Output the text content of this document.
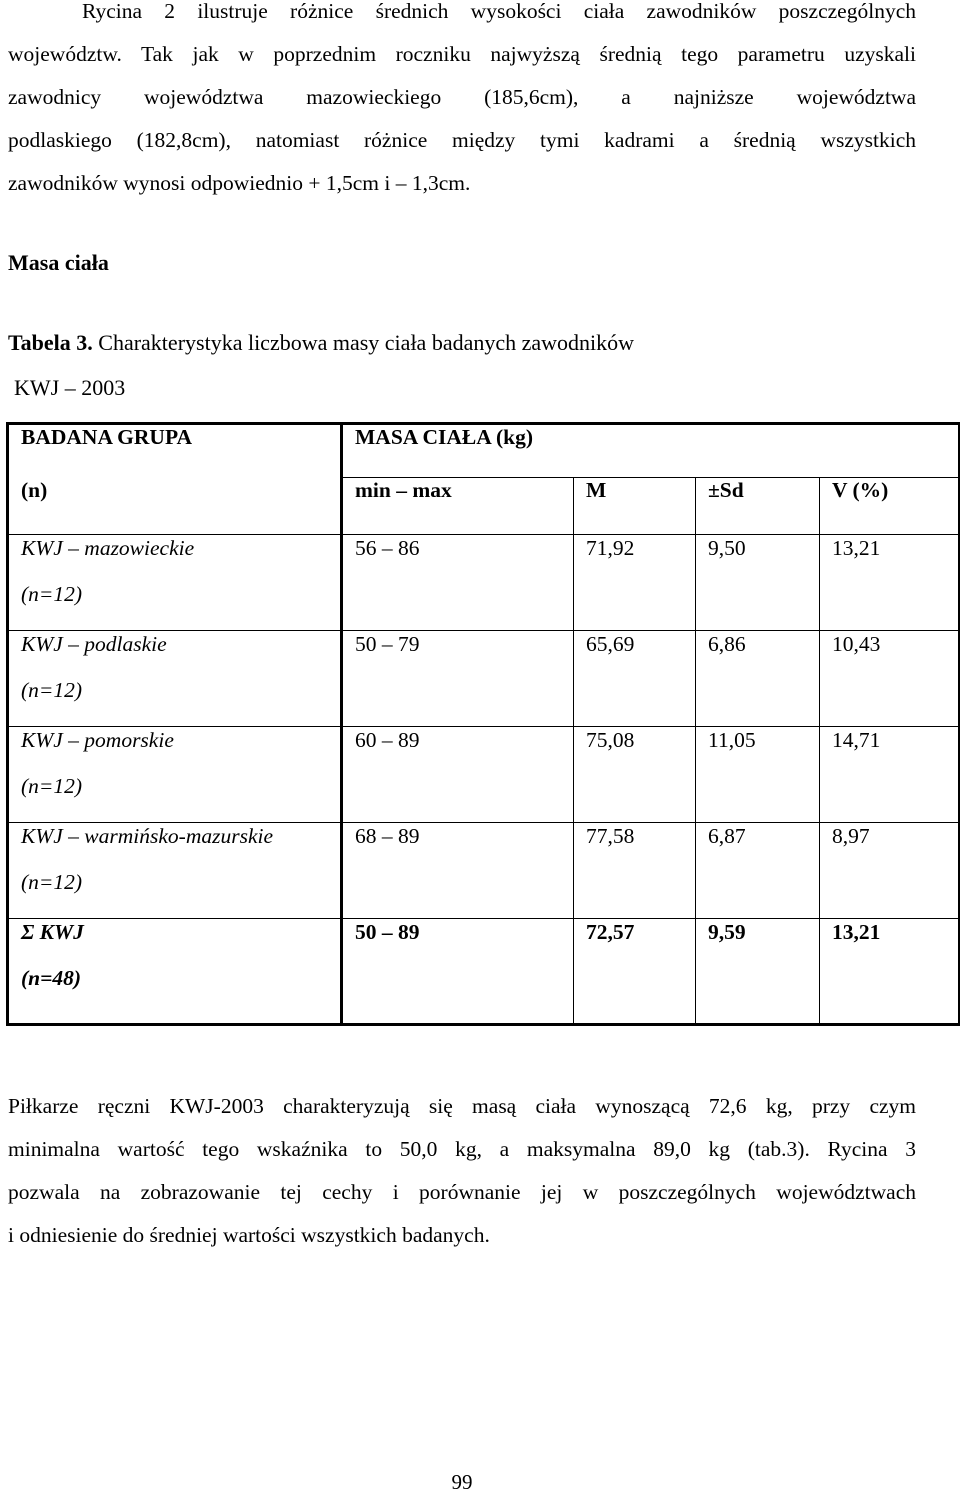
Rycina 2 ilustruje różnice średnich wysokości ciała zawodników poszczególnych
województw. Tak jak w poprzednim roczniku najwyższą średnią tego parametru uzyskali
zawodnicy województwa mazowieckiego (185,6cm), a najniższe województwa
podlaskiego (182,8cm), natomiast różnice między tymi kadrami a średnią wszystkich
zawodników wynosi odpowiednio + 1,5cm i – 1,3cm.
Masa ciała
Tabela 3. Charakterystyka liczbowa masy ciała badanych zawodników
KWJ – 2003
BADANA GRUPA	MASA CIAŁA (kg)			
(n)	min – max	M	±Sd	V (%)

KWJ – mazowieckie
(n=12)	56 – 86	71,92	9,50	13,21

KWJ – podlaskie
(n=12)	50 – 79	65,69	6,86	10,43

KWJ – pomorskie
(n=12)	60 – 89	75,08	11,05	14,71

KWJ – warmińsko-mazurskie
(n=12)	68 – 89	77,58	6,87	8,97

Σ KWJ
(n=48)	50 – 89	72,57	9,59	13,21
Piłkarze ręczni KWJ-2003 charakteryzują się masą ciała wynoszącą 72,6 kg, przy czym
minimalna wartość tego wskaźnika to 50,0 kg, a maksymalna 89,0 kg (tab.3). Rycina 3
pozwala na zobrazowanie tej cechy i porównanie jej w poszczególnych województwach
i odniesienie do średniej wartości wszystkich badanych.
99
